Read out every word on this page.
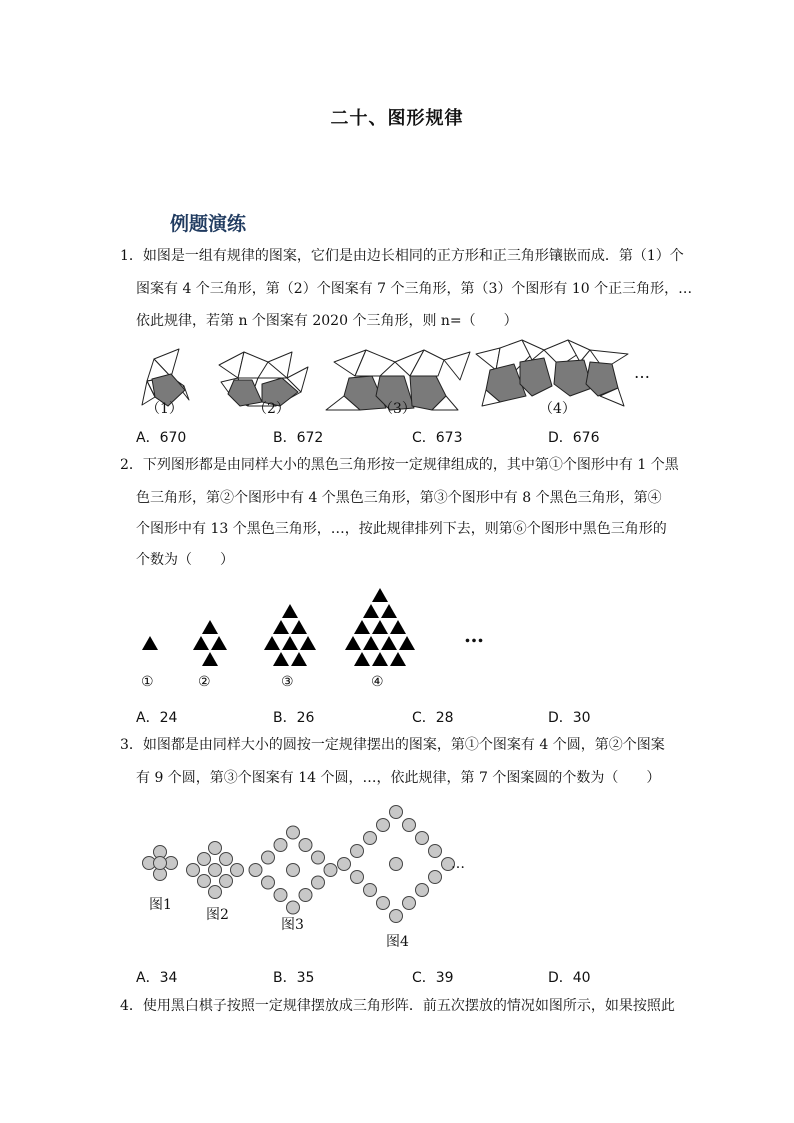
二十、图形规律
例题演练
1．如图是一组有规律的图案，它们是由边长相同的正方形和正三角形镶嵌而成．第（1）个
图案有 4 个三角形，第（2）个图案有 7 个三角形，第（3）个图形有 10 个正三角形，…
依此规律，若第 n 个图案有 2020 个三角形，则 n=（　　）
…
（1）	（2）	（3）	（4）
A．670	B．672	C．673	D．676
2．下列图形都是由同样大小的黑色三角形按一定规律组成的，其中第①个图形中有 1 个黑
色三角形，第②个图形中有 4 个黑色三角形，第③个图形中有 8 个黑色三角形，第④
个图形中有 13 个黑色三角形，…，按此规律排列下去，则第⑥个图形中黑色三角形的
个数为（　　）
…
①	②	③	④
A．24	B．26	C．28	D．30
3．如图都是由同样大小的圆按一定规律摆出的图案，第①个图案有 4 个圆，第②个图案
有 9 个圆，第③个图案有 14 个圆，…，依此规律，第 7 个图案圆的个数为（　　）
…
图1
图2
图3
图4
A．34	B．35	C．39	D．40
4．使用黑白棋子按照一定规律摆放成三角形阵．前五次摆放的情况如图所示，如果按照此
